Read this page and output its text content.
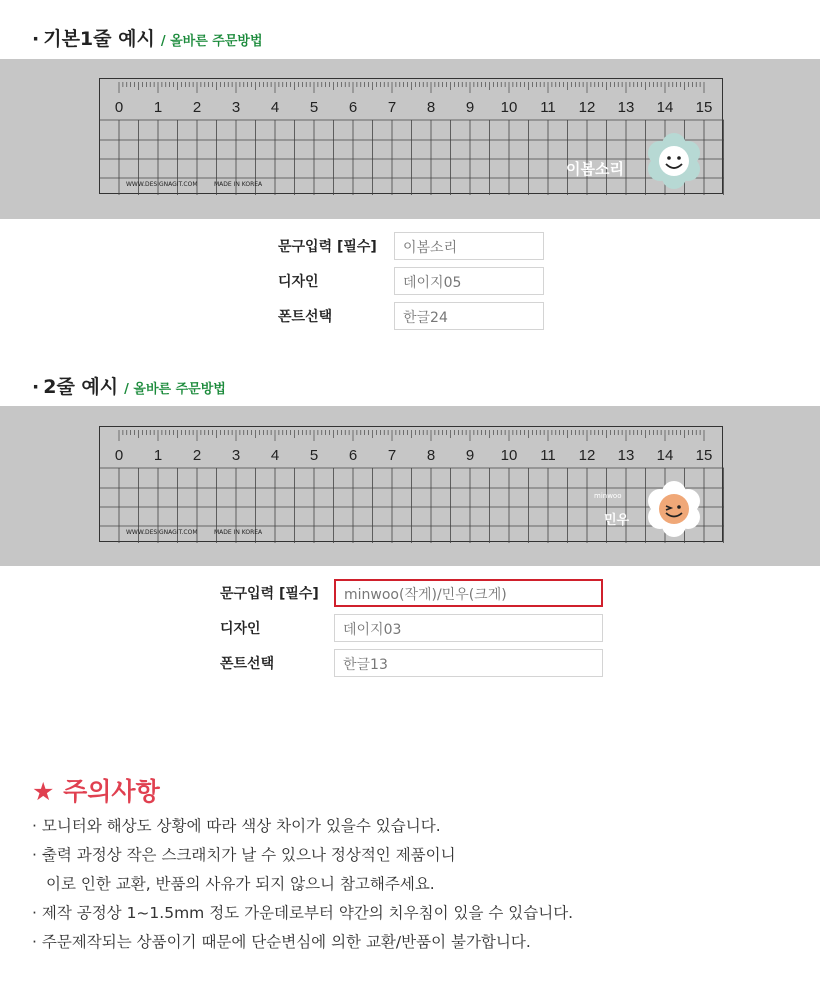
· 기본1줄 예시 / 올바른 주문방법
0 1 2 3 4 5 6 7 8 9 10 11 12 13 14 15
WWW.DESIGNAGIT.COM	MADE IN KOREA
이봄소리
문구입력 [필수]	이봄소리
디자인	데이지05
폰트선택	한글24
· 2줄 예시 / 올바른 주문방법
0 1 2 3 4 5 6 7 8 9 10 11 12 13 14 15
WWW.DESIGNAGIT.COM	MADE IN KOREA
minwoo
민우
문구입력 [필수]	minwoo(작게)/민우(크게)
디자인	데이지03
폰트선택	한글13
★ 주의사항
· 모니터와 해상도 상황에 따라 색상 차이가 있을수 있습니다.
· 출력 과정상 작은 스크래치가 날 수 있으나 정상적인 제품이니
이로 인한 교환, 반품의 사유가 되지 않으니 참고해주세요.
· 제작 공정상 1~1.5mm 정도 가운데로부터 약간의 치우침이 있을 수 있습니다.
· 주문제작되는 상품이기 때문에 단순변심에 의한 교환/반품이 불가합니다.
